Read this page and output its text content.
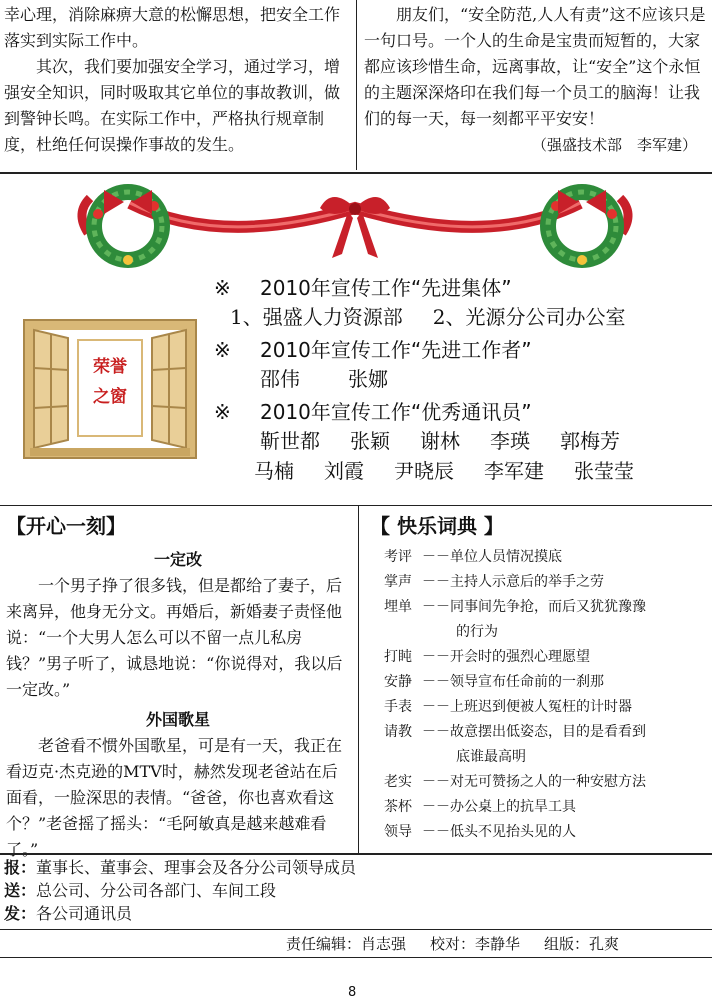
幸心理，消除麻痹大意的松懈思想，把安全工作落实到实际工作中。

其次，我们要加强安全学习，通过学习，增强安全知识，同时吸取其它单位的事故教训，做到警钟长鸣。在实际工作中，严格执行规章制度，杜绝任何误操作事故的发生。

朋友们，“安全防范,人人有责”这不应该只是一句口号。一个人的生命是宝贵而短暂的，大家都应该珍惜生命，远离事故，让“安全”这个永恒的主题深深烙印在我们每一个员工的脑海！让我们的每一天，每一刻都平平安安！

（强盛技术部　李军建）
荣誉
之窗
※ 2010年宣传工作“先进集体”
1、强盛人力资源部 2、光源分公司办公室
※ 2010年宣传工作“先进工作者”
邵伟 张娜
※ 2010年宣传工作“优秀通讯员”
靳世都 张颖 谢林 李瑛 郭梅芳
马楠 刘霞 尹晓辰 李军建 张莹莹
【开心一刻】
一定改

一个男子挣了很多钱，但是都给了妻子，后来离异，他身无分文。再婚后，新婚妻子责怪他说：“一个大男人怎么可以不留一点儿私房钱？”男子听了，诚恳地说：“你说得对，我以后一定改。”

外国歌星

老爸看不惯外国歌星，可是有一天，我正在看迈克·杰克逊的MTV时，赫然发现老爸站在后面看，一脸深思的表情。“爸爸，你也喜欢看这个？”老爸摇了摇头：“毛阿敏真是越来越难看了。”

【 快乐词典 】
考评 －－单位人员情况摸底
掌声 －－主持人示意后的举手之劳
埋单 －－同事间先争抢，而后又犹犹豫豫
的行为
打盹 －－开会时的强烈心理愿望
安静 －－领导宣布任命前的一刹那
手表 －－上班迟到便被人冤枉的计时器
请教 －－故意摆出低姿态，目的是看看到
底谁最高明
老实 －－对无可赞扬之人的一种安慰方法
茶杯 －－办公桌上的抗旱工具
领导 －－低头不见抬头见的人
报：董事长、董事会、理事会及各分公司领导成员
送：总公司、分公司各部门、车间工段
发：各公司通讯员
责任编辑：肖志强 校对：李静华 组版：孔爽
8
